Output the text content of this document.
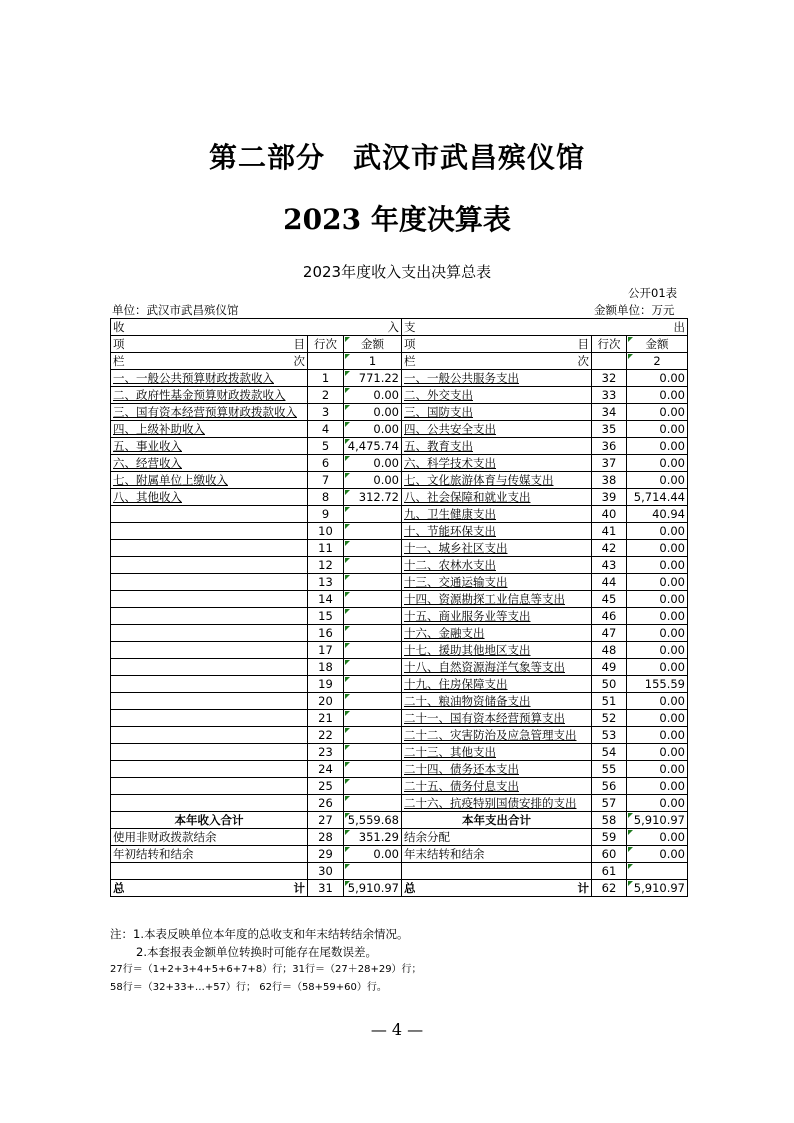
第二部分 武汉市武昌殡仪馆
2023 年度决算表
2023年度收入支出决算总表
公开01表
单位：武汉市武昌殡仪馆	金额单位：万元
收 入			支 出		

项 目	行次	金额	项 目	行次	金额

栏 次		1	栏 次		2
一、一般公共预算财政拨款收入	1	771.22	一、一般公共服务支出	32	0.00
二、政府性基金预算财政拨款收入	2	0.00	二、外交支出	33	0.00
三、国有资本经营预算财政拨款收入	3	0.00	三、国防支出	34	0.00
四、上级补助收入	4	0.00	四、公共安全支出	35	0.00
五、事业收入	5	4,475.74	五、教育支出	36	0.00
六、经营收入	6	0.00	六、科学技术支出	37	0.00
七、附属单位上缴收入	7	0.00	七、文化旅游体育与传媒支出	38	0.00
八、其他收入	8	312.72	八、社会保障和就业支出	39	5,714.44
	9		九、卫生健康支出	40	40.94
	10		十、节能环保支出	41	0.00
	11		十一、城乡社区支出	42	0.00
	12		十二、农林水支出	43	0.00
	13		十三、交通运输支出	44	0.00
	14		十四、资源勘探工业信息等支出	45	0.00
	15		十五、商业服务业等支出	46	0.00
	16		十六、金融支出	47	0.00
	17		十七、援助其他地区支出	48	0.00
	18		十八、自然资源海洋气象等支出	49	0.00
	19		十九、住房保障支出	50	155.59
	20		二十、粮油物资储备支出	51	0.00
	21		二十一、国有资本经营预算支出	52	0.00
	22		二十二、灾害防治及应急管理支出	53	0.00
	23		二十三、其他支出	54	0.00
	24		二十四、债务还本支出	55	0.00
	25		二十五、债务付息支出	56	0.00
	26		二十六、抗疫特别国债安排的支出	57	0.00
本年收入合计	27	5,559.68	本年支出合计	58	5,910.97
使用非财政拨款结余	28	351.29	结余分配	59	0.00
年初结转和结余	29	0.00	年末结转和结余	60	0.00
	30			61	

总 计	31	5,910.97	总 计	62	5,910.97
注：1.本表反映单位本年度的总收支和年末结转结余情况。
2.本套报表金额单位转换时可能存在尾数误差。
27行＝（1+2+3+4+5+6+7+8）行；31行＝（27＋28+29）行；
58行＝（32+33+…+57）行； 62行＝（58+59+60）行。
— 4 —
